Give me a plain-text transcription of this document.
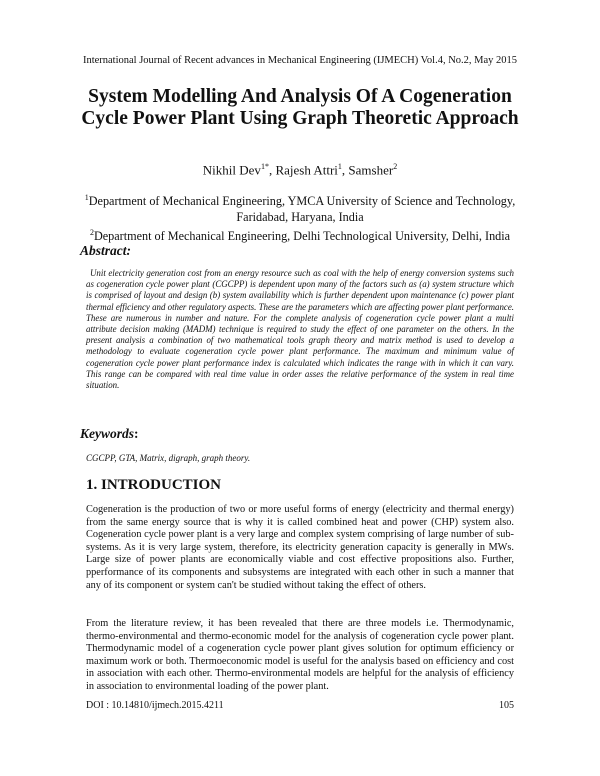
International Journal of Recent advances in Mechanical Engineering (IJMECH) Vol.4, No.2, May 2015
System Modelling And Analysis Of A Cogeneration Cycle Power Plant Using Graph Theoretic Approach
Nikhil Dev$^{1*}$, Rajesh Attri$^1$, Samsher$^2$
$^1$Department of Mechanical Engineering, YMCA University of Science and Technology, Faridabad, Haryana, India
$^2$Department of Mechanical Engineering, Delhi Technological University, Delhi, India
Abstract:

Unit electricity generation cost from an energy resource such as coal with the help of energy conversion systems such as cogeneration cycle power plant (CGCPP) is dependent upon many of the factors such as (a) system structure which is comprised of layout and design (b) system availability which is further dependent upon maintenance (c) power plant thermal efficiency and other regulatory aspects. These are the parameters which are affecting power plant performance. These are numerous in number and nature. For the complete analysis of cogeneration cycle power plant a multi attribute decision making (MADM) technique is required to study the effect of one parameter on the others. In the present analysis a combination of two mathematical tools graph theory and matrix method is used to develop a methodology to evaluate cogeneration cycle power plant performance. The maximum and minimum value of cogeneration cycle power plant performance index is calculated which indicates the range with in which it can vary. This range can be compared with real time value in order asses the relative performance of the system in real time situation.

Keywords:
CGCPP, GTA, Matrix, digraph, graph theory.
1. INTRODUCTION

Cogeneration is the production of two or more useful forms of energy (electricity and thermal energy) from the same energy source that is why it is called combined heat and power (CHP) system also. Cogeneration cycle power plant is a very large and complex system comprising of large number of sub-systems. As it is very large system, therefore, its electricity generation capacity is generally in MWs. Large size of power plants are economically viable and cost effective propositions also. Further, pperformance of its components and subsystems are integrated with each other in such a manner that any of its component or system can't be studied without taking the effect of others.

From the literature review, it has been revealed that there are three models i.e. Thermodynamic, thermo-environmental and thermo-economic model for the analysis of cogeneration cycle power plant. Thermodynamic model of a cogeneration cycle power plant gives solution for optimum efficiency or maximum work or both. Thermoeconomic model is useful for the analysis based on efficiency and cost in association with each other. Thermo-environmental models are helpful for the analysis of efficiency in association to environmental loading of the power plant.

DOI : 10.14810/ijmech.2015.4211	105
